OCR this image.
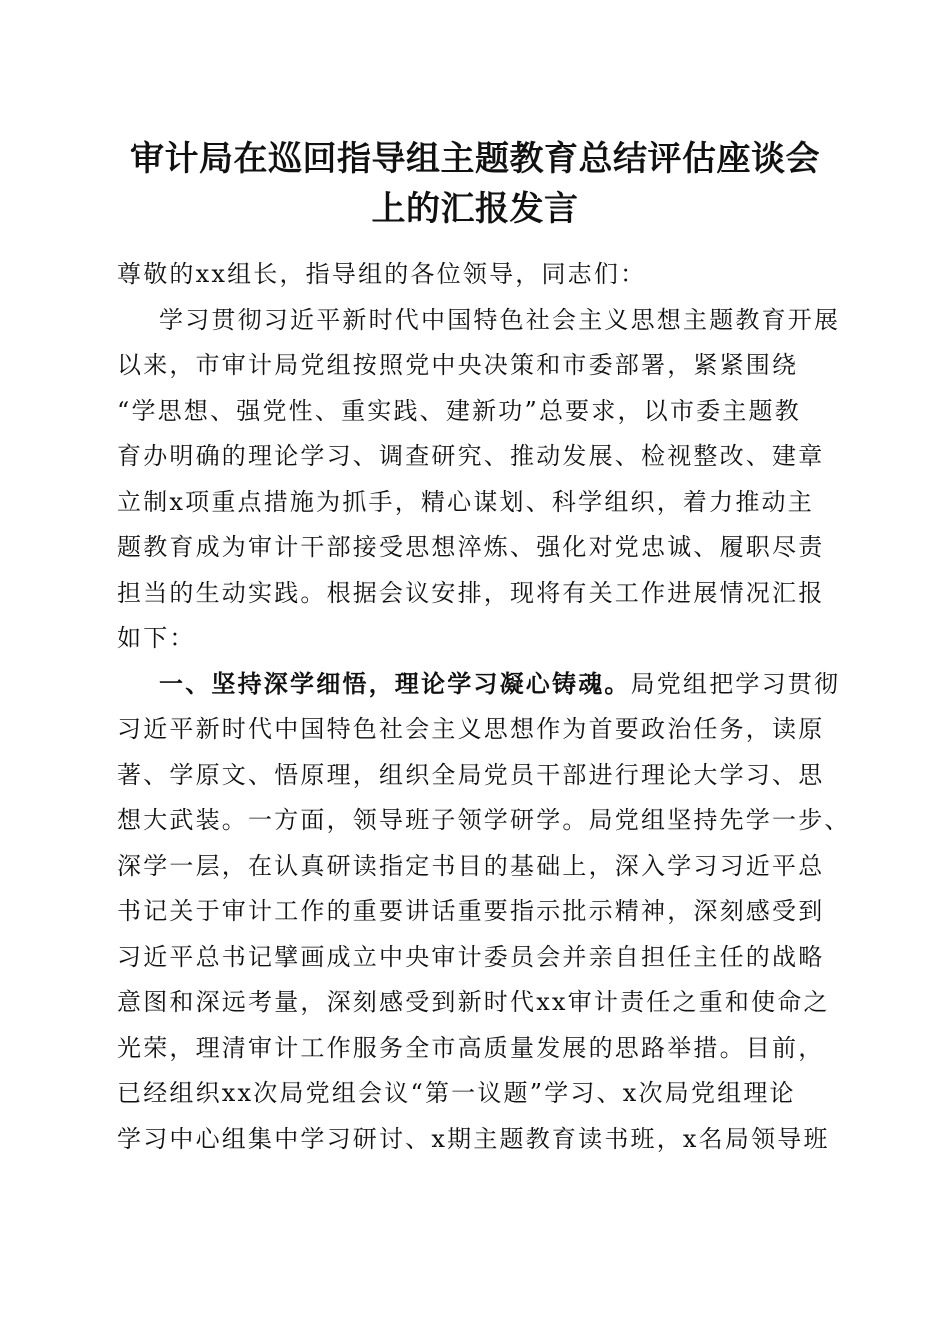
审计局在巡回指导组主题教育总结评估座谈会
上的汇报发言
尊敬的xx组长，指导组的各位领导，同志们：
学习贯彻习近平新时代中国特色社会主义思想主题教育开展
以来，市审计局党组按照党中央决策和市委部署，紧紧围绕
“学思想、强党性、重实践、建新功”总要求，以市委主题教
育办明确的理论学习、调查研究、推动发展、检视整改、建章
立制x项重点措施为抓手，精心谋划、科学组织，着力推动主
题教育成为审计干部接受思想淬炼、强化对党忠诚、履职尽责
担当的生动实践。根据会议安排，现将有关工作进展情况汇报
如下：
一、坚持深学细悟，理论学习凝心铸魂。局党组把学习贯彻
习近平新时代中国特色社会主义思想作为首要政治任务，读原
著、学原文、悟原理，组织全局党员干部进行理论大学习、思
想大武装。一方面，领导班子领学研学。局党组坚持先学一步、
深学一层，在认真研读指定书目的基础上，深入学习习近平总
书记关于审计工作的重要讲话重要指示批示精神，深刻感受到
习近平总书记擘画成立中央审计委员会并亲自担任主任的战略
意图和深远考量，深刻感受到新时代xx审计责任之重和使命之
光荣，理清审计工作服务全市高质量发展的思路举措。目前，
已经组织xx次局党组会议“第一议题”学习、x次局党组理论
学习中心组集中学习研讨、x期主题教育读书班，x名局领导班
